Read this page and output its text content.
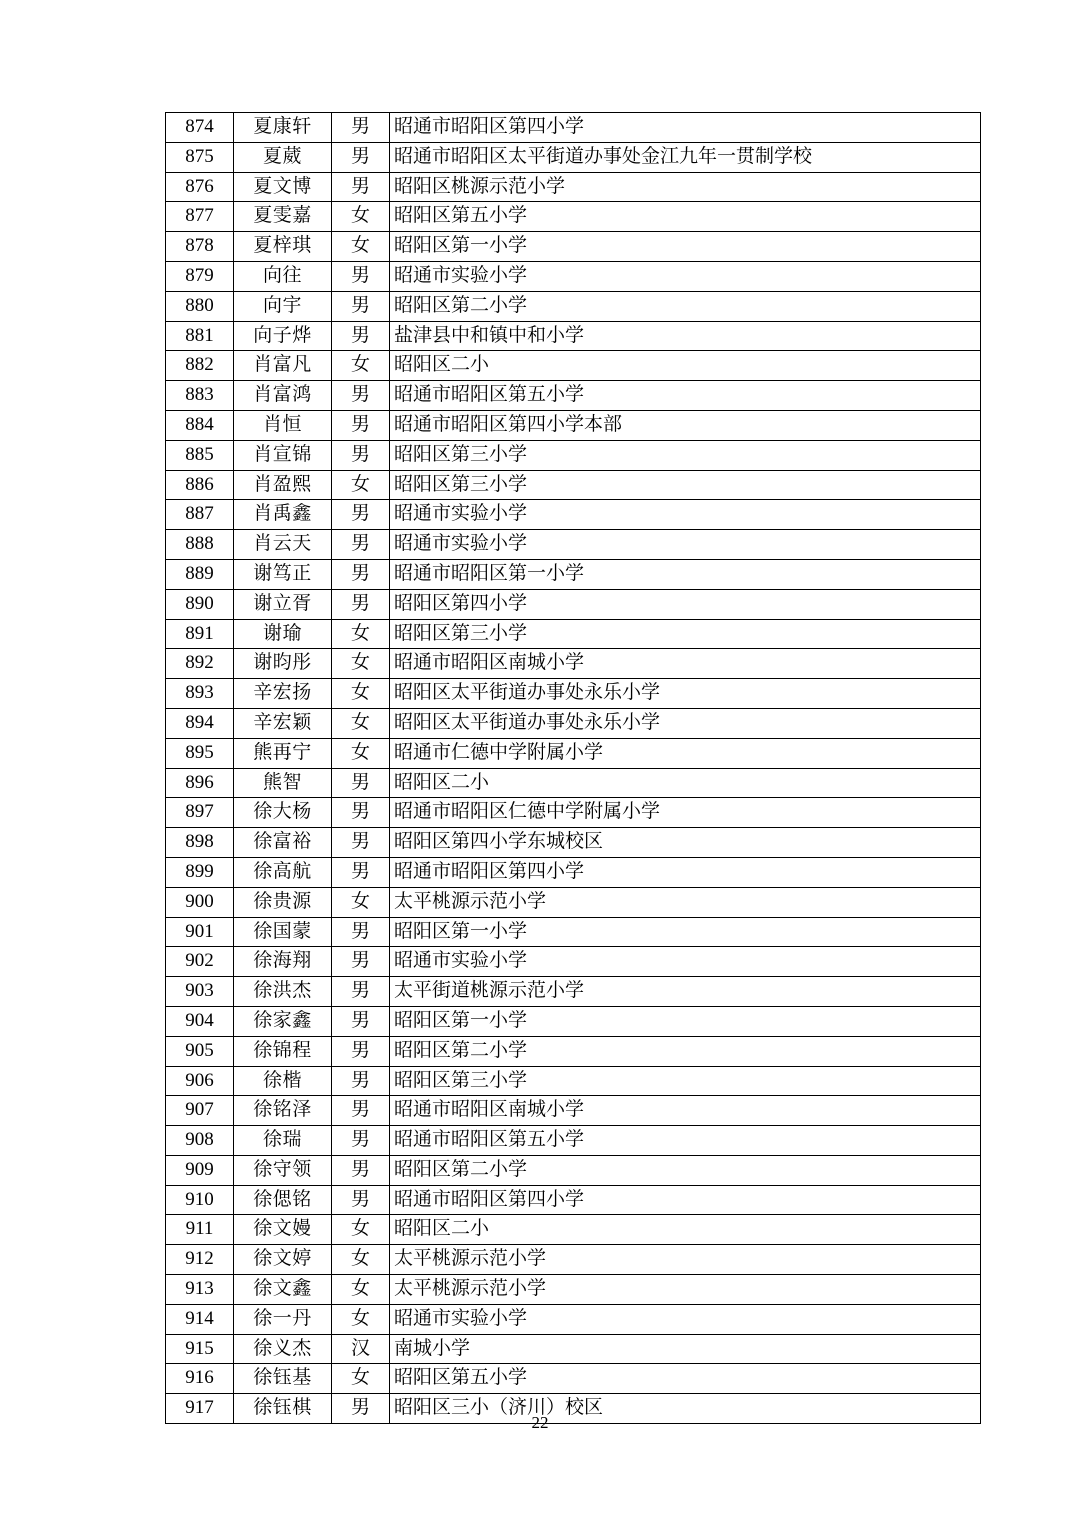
874	夏康轩	男	昭通市昭阳区第四小学
875	夏葳	男	昭通市昭阳区太平街道办事处金江九年一贯制学校
876	夏文博	男	昭阳区桃源示范小学
877	夏雯嘉	女	昭阳区第五小学
878	夏梓琪	女	昭阳区第一小学
879	向往	男	昭通市实验小学
880	向宇	男	昭阳区第二小学
881	向子烨	男	盐津县中和镇中和小学
882	肖富凡	女	昭阳区二小
883	肖富鸿	男	昭通市昭阳区第五小学
884	肖恒	男	昭通市昭阳区第四小学本部
885	肖宣锦	男	昭阳区第三小学
886	肖盈熙	女	昭阳区第三小学
887	肖禹鑫	男	昭通市实验小学
888	肖云天	男	昭通市实验小学
889	谢笃正	男	昭通市昭阳区第一小学
890	谢立胥	男	昭阳区第四小学
891	谢瑜	女	昭阳区第三小学
892	谢昀彤	女	昭通市昭阳区南城小学
893	辛宏扬	女	昭阳区太平街道办事处永乐小学
894	辛宏颖	女	昭阳区太平街道办事处永乐小学
895	熊再宁	女	昭通市仁德中学附属小学
896	熊智	男	昭阳区二小
897	徐大杨	男	昭通市昭阳区仁德中学附属小学
898	徐富裕	男	昭阳区第四小学东城校区
899	徐高航	男	昭通市昭阳区第四小学
900	徐贵源	女	太平桃源示范小学
901	徐国蒙	男	昭阳区第一小学
902	徐海翔	男	昭通市实验小学
903	徐洪杰	男	太平街道桃源示范小学
904	徐家鑫	男	昭阳区第一小学
905	徐锦程	男	昭阳区第二小学
906	徐楷	男	昭阳区第三小学
907	徐铭泽	男	昭通市昭阳区南城小学
908	徐瑞	男	昭通市昭阳区第五小学
909	徐守领	男	昭阳区第二小学
910	徐偲铭	男	昭通市昭阳区第四小学
911	徐文嫚	女	昭阳区二小
912	徐文婷	女	太平桃源示范小学
913	徐文鑫	女	太平桃源示范小学
914	徐一丹	女	昭通市实验小学
915	徐义杰	汉	南城小学
916	徐钰基	女	昭阳区第五小学
917	徐钰棋	男	昭阳区三小（济川）校区
22
